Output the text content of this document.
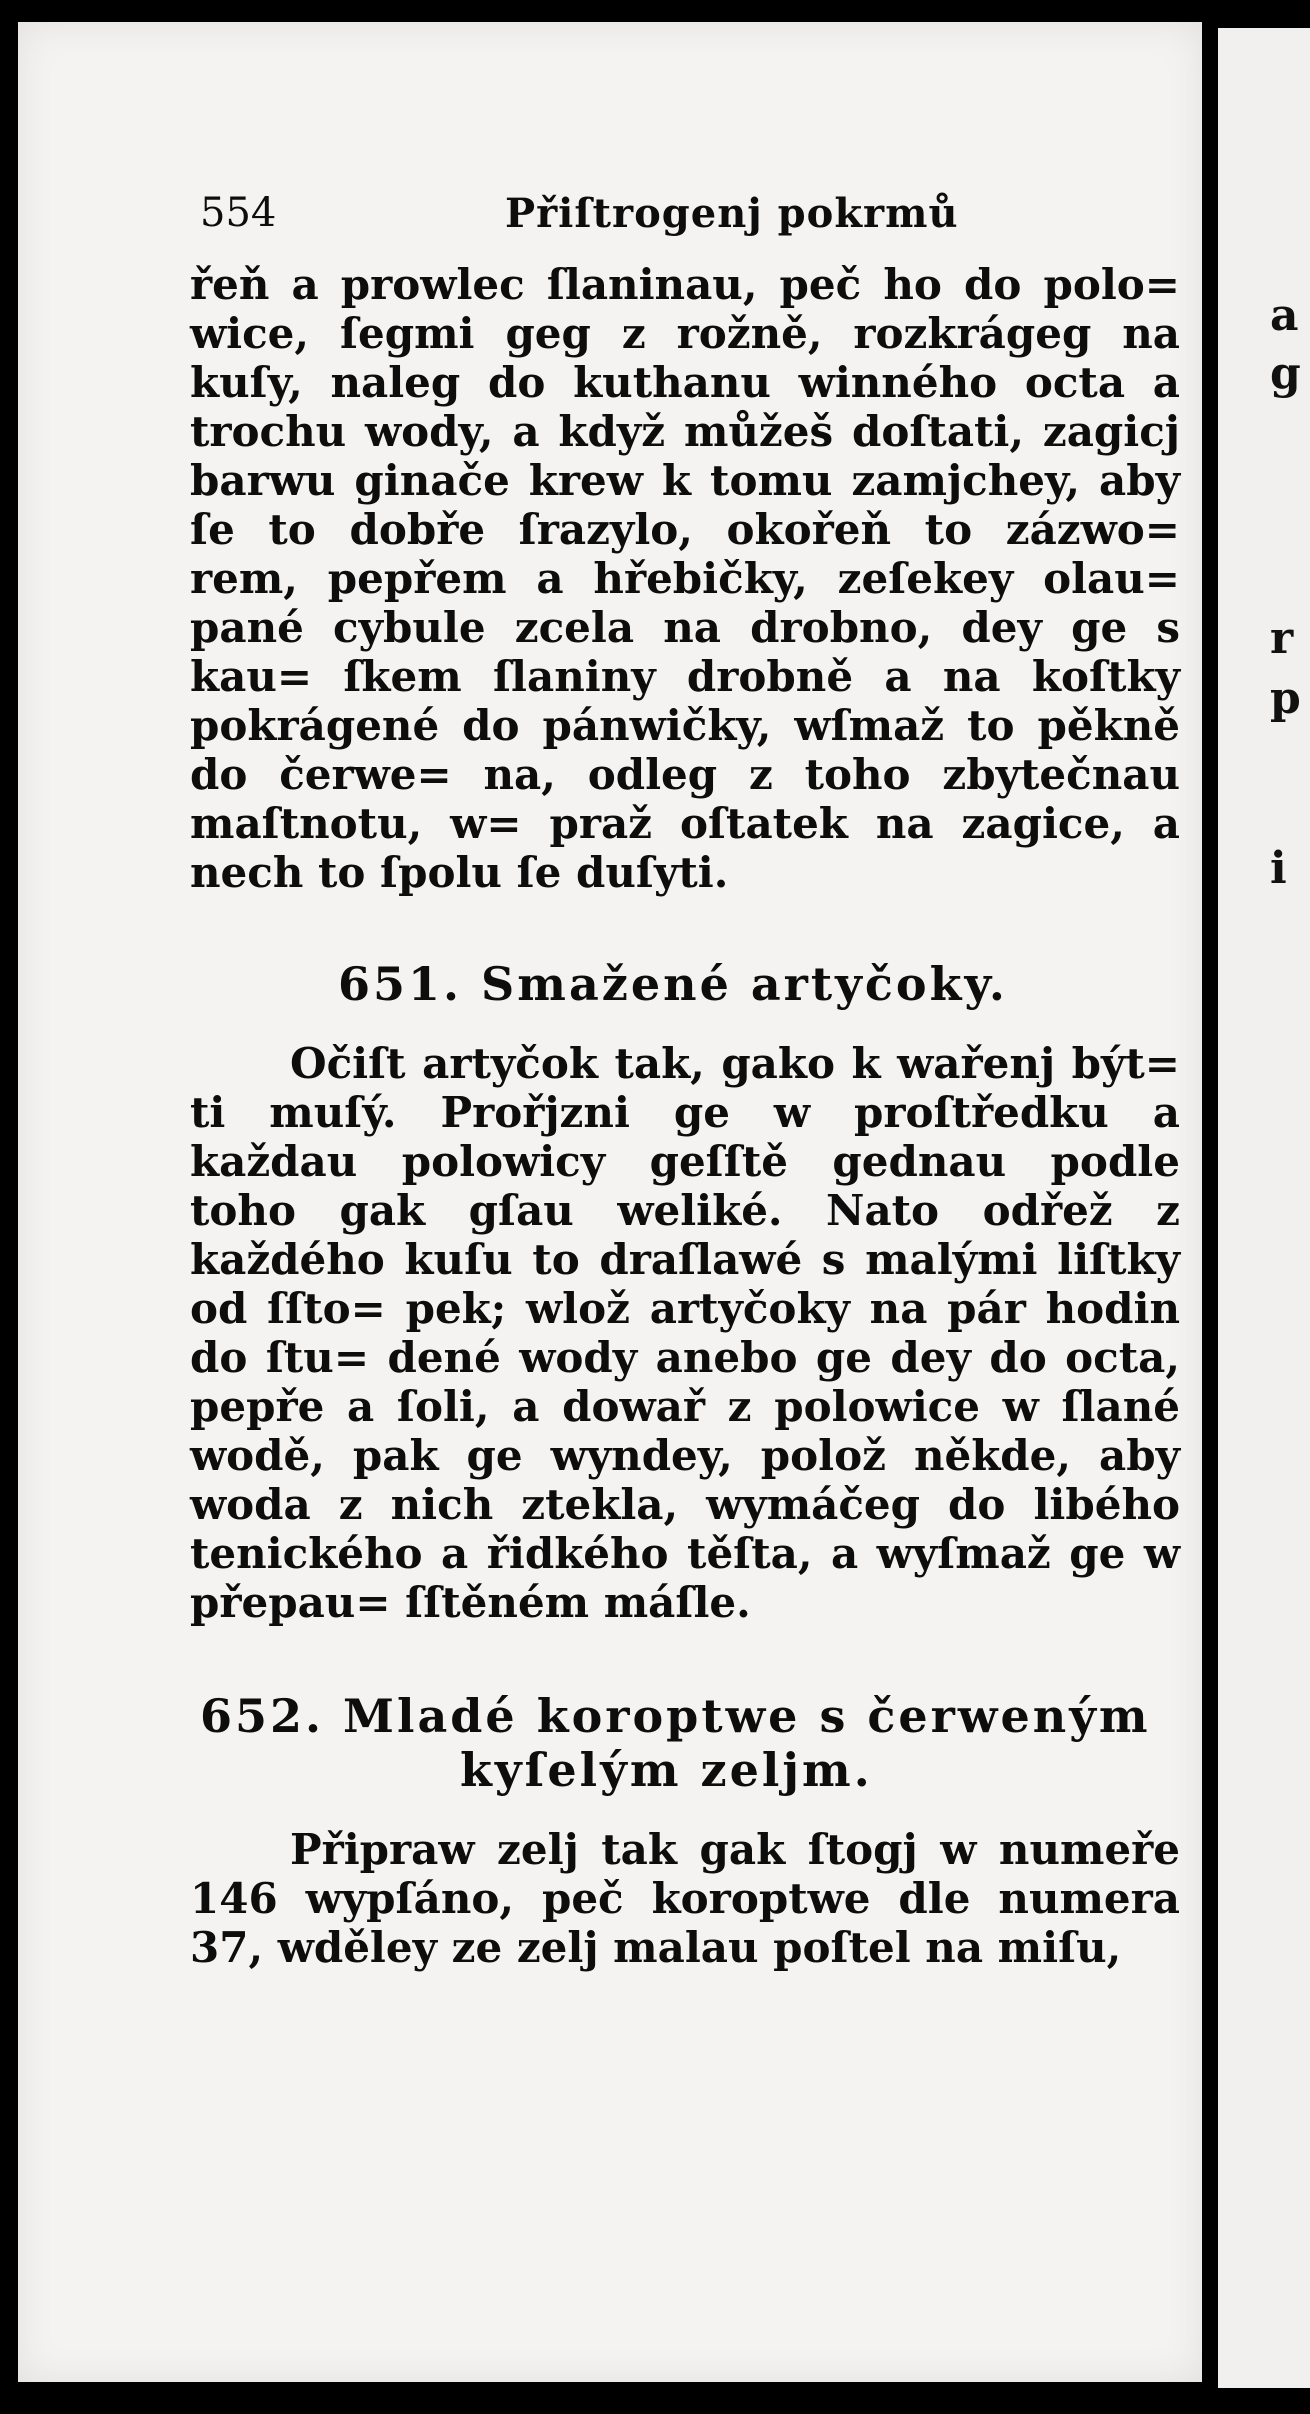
a
g
r
p
i
554	Přiſtrogenj pokrmů

řeň a prowlec ſlaninau, peč ho do polo= wice, ſegmi geg z rožně, rozkrágeg na kuſy, naleg do kuthanu winného octa a trochu wody, a když můžeš doſtati, zagicj barwu ginače krew k tomu zamjchey, aby ſe to dobře ſrazylo, okořeň to zázwo= rem, pepřem a hřebičky, zeſekey olau= pané cybule zcela na drobno, dey ge s kau= ſkem ſlaniny drobně a na koſtky pokrágené do pánwičky, wſmaž to pěkně do čerwe= na, odleg z toho zbytečnau maſtnotu, w= praž oſtatek na zagice, a nech to ſpolu ſe duſyti.

651. Smažené artyčoky.

Očiſt artyčok tak, gako k wařenj být= ti muſý. Prořjzni ge w proſtředku a každau polowicy geſſtě gednau podle toho gak gſau weliké. Nato odřež z každého kuſu to draſlawé s malými liſtky od ſſto= pek; wlož artyčoky na pár hodin do ſtu= dené wody anebo ge dey do octa, pepře a ſoli, a dowař z polowice w ſlané wodě, pak ge wyndey, polož někde, aby woda z nich ztekla, wymáčeg do libého tenického a řidkého těſta, a wyſmaž ge w přepau= ſſtěném máſle.

652. Mladé koroptwe s čerweným
kyſelým zeljm.

Připraw zelj tak gak ſtogj w numeře 146 wypſáno, peč koroptwe dle numera 37, wděley ze zelj malau poſtel na miſu,
